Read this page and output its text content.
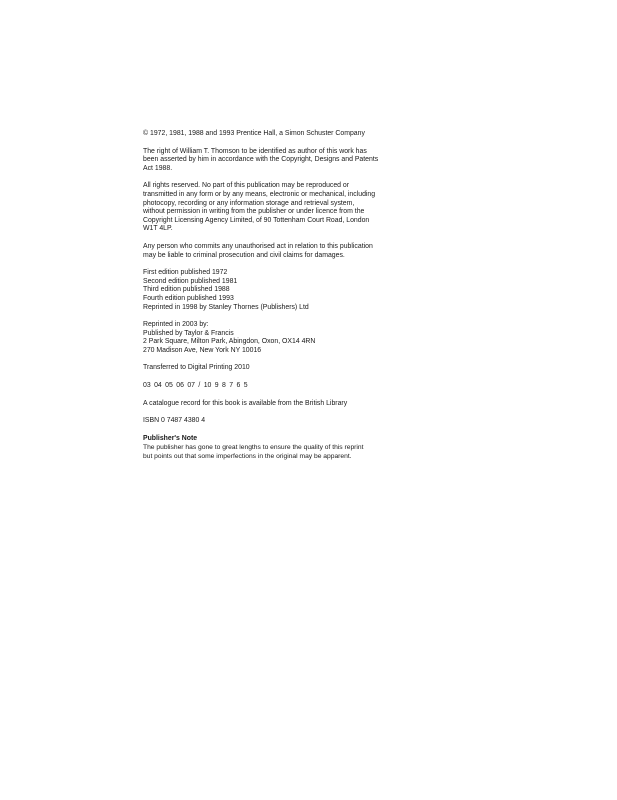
© 1972, 1981, 1988 and 1993 Prentice Hall, a Simon Schuster Company
The right of William T. Thomson to be identified as author of this work has
been asserted by him in accordance with the Copyright, Designs and Patents
Act 1988.
All rights reserved. No part of this publication may be reproduced or
transmitted in any form or by any means, electronic or mechanical, including
photocopy, recording or any information storage and retrieval system,
without permission in writing from the publisher or under licence from the
Copyright Licensing Agency Limited, of 90 Tottenham Court Road, London
W1T 4LP.
Any person who commits any unauthorised act in relation to this publication
may be liable to criminal prosecution and civil claims for damages.
First edition published 1972
Second edition published 1981
Third edition published 1988
Fourth edition published 1993
Reprinted in 1998 by Stanley Thornes (Publishers) Ltd
Reprinted in 2003 by:
Published by Taylor & Francis
2 Park Square, Milton Park, Abingdon, Oxon, OX14 4RN
270 Madison Ave, New York NY 10016
Transferred to Digital Printing 2010
03 04 05 06 07 / 10 9 8 7 6 5
A catalogue record for this book is available from the British Library
ISBN 0 7487 4380 4
Publisher's Note
The publisher has gone to great lengths to ensure the quality of this reprint
but points out that some imperfections in the original may be apparent.
